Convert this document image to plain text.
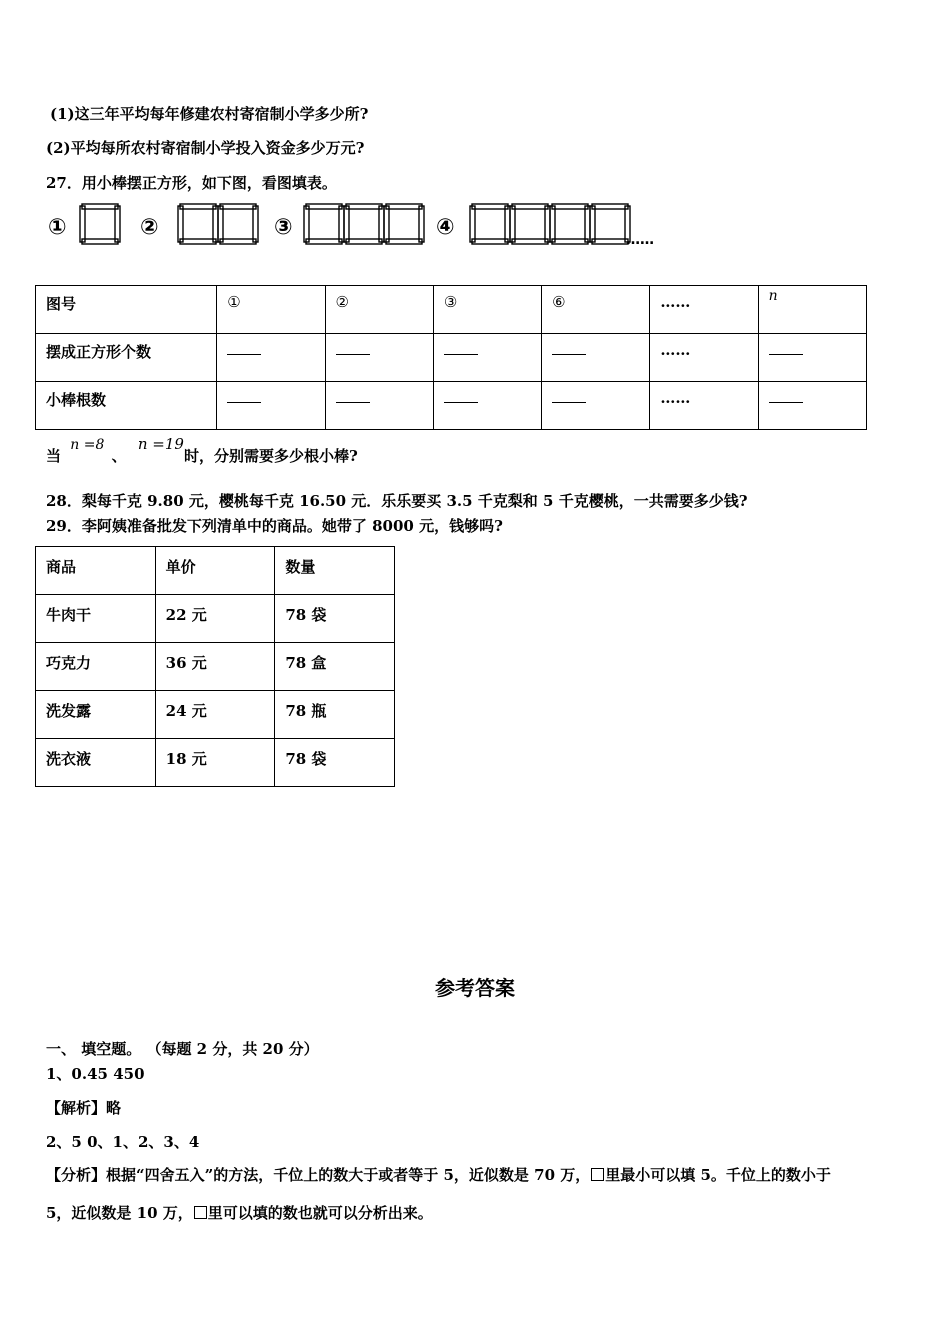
(1)这三年平均每年修建农村寄宿制小学多少所?
(2)平均每所农村寄宿制小学投入资金多少万元?
27．用小棒摆正方形，如下图，看图填表。
①	②	③	④	……
图号	①	②	③	⑥	……	n

摆成正方形个数					……	

小棒根数					……	

当 n =8 、 n =19时，分别需要多少根小棒?
28．梨每千克 9.80 元，樱桃每千克 16.50 元．乐乐要买 3.5 千克梨和 5 千克樱桃，一共需要多少钱?
29．李阿姨准备批发下列清单中的商品。她带了 8000 元，钱够吗?
商品	单价	数量

牛肉干	22 元	78 袋

巧克力	36 元	78 盒

洗发露	24 元	78 瓶

洗衣液	18 元	78 袋
参考答案
一、 填空题。 （每题 2 分，共 20 分）
1、0.45 450
【解析】略
2、5 0、1、2、3、4
【分析】根据“四舍五入”的方法，千位上的数大于或者等于 5，近似数是 70 万， 里最小可以填 5。千位上的数小于
5，近似数是 10 万， 里可以填的数也就可以分析出来。
